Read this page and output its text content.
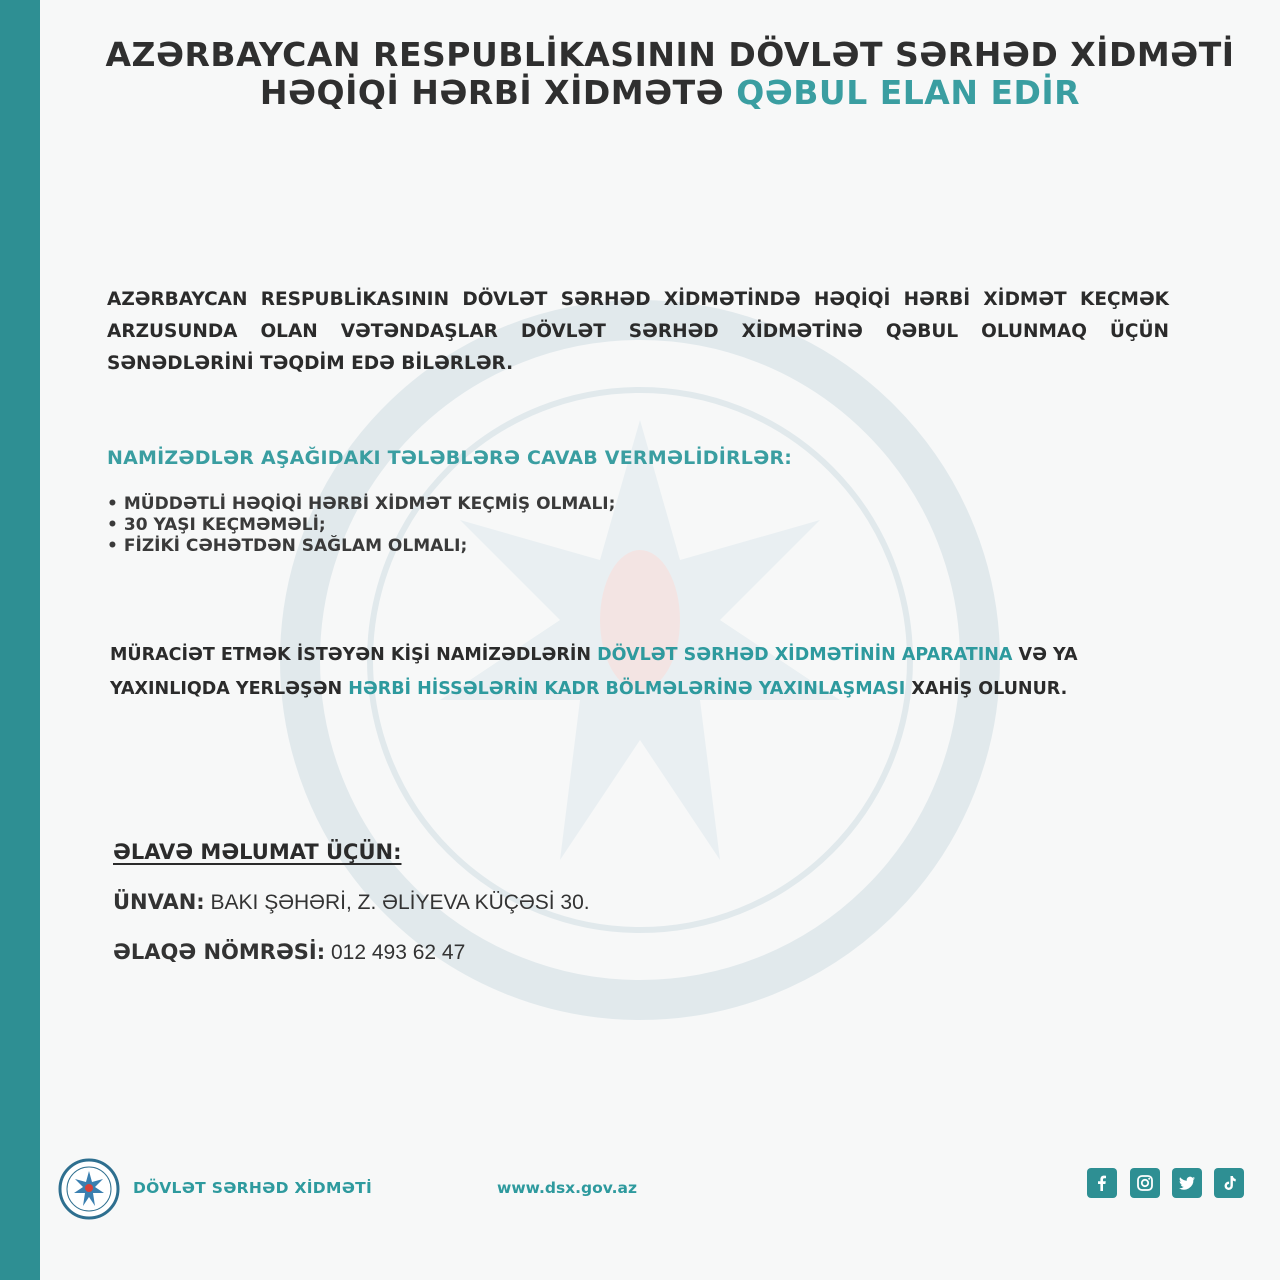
AZƏRBAYCAN RESPUBLİKASININ DÖVLƏT SƏRHƏD XİDMƏTİ
HƏQİQİ HƏRBİ XİDMƏTƏ QƏBUL ELAN EDİR
AZƏRBAYCAN RESPUBLİKASININ DÖVLƏT SƏRHƏD XİDMƏTİNDƏ HƏQİQİ HƏRBİ XİDMƏT KEÇMƏK ARZUSUNDA OLAN VƏTƏNDAŞLAR DÖVLƏT SƏRHƏD XİDMƏTİNƏ QƏBUL OLUNMAQ ÜÇÜN SƏNƏDLƏRİNİ TƏQDİM EDƏ BİLƏRLƏR.
NAMİZƏDLƏR AŞAĞIDAKI TƏLƏBLƏRƏ CAVAB VERMƏLİDİRLƏR:
• MÜDDƏTLİ HƏQİQİ HƏRBİ XİDMƏT KEÇMİŞ OLMALI;
• 30 YAŞI KEÇMƏMƏLİ;
• FİZİKİ CƏHƏTDƏN SAĞLAM OLMALI;
MÜRACİƏT ETMƏK İSTƏYƏN KİŞİ NAMİZƏDLƏRİN DÖVLƏT SƏRHƏD XİDMƏTİNİN APARATINA VƏ YA YAXINLIQDA YERLƏŞƏN HƏRBİ HİSSƏLƏRİN KADR BÖLMƏLƏRİNƏ YAXINLAŞMASI XAHİŞ OLUNUR.
ƏLAVƏ MƏLUMAT ÜÇÜN:
ÜNVAN: BAKI ŞƏHƏRİ, Z. ƏLİYEVA KÜÇƏSİ 30.
ƏLAQƏ NÖMRƏSİ: 012 493 62 47
DÖVLƏT SƏRHƏD XİDMƏTİ	www.dsx.gov.az
